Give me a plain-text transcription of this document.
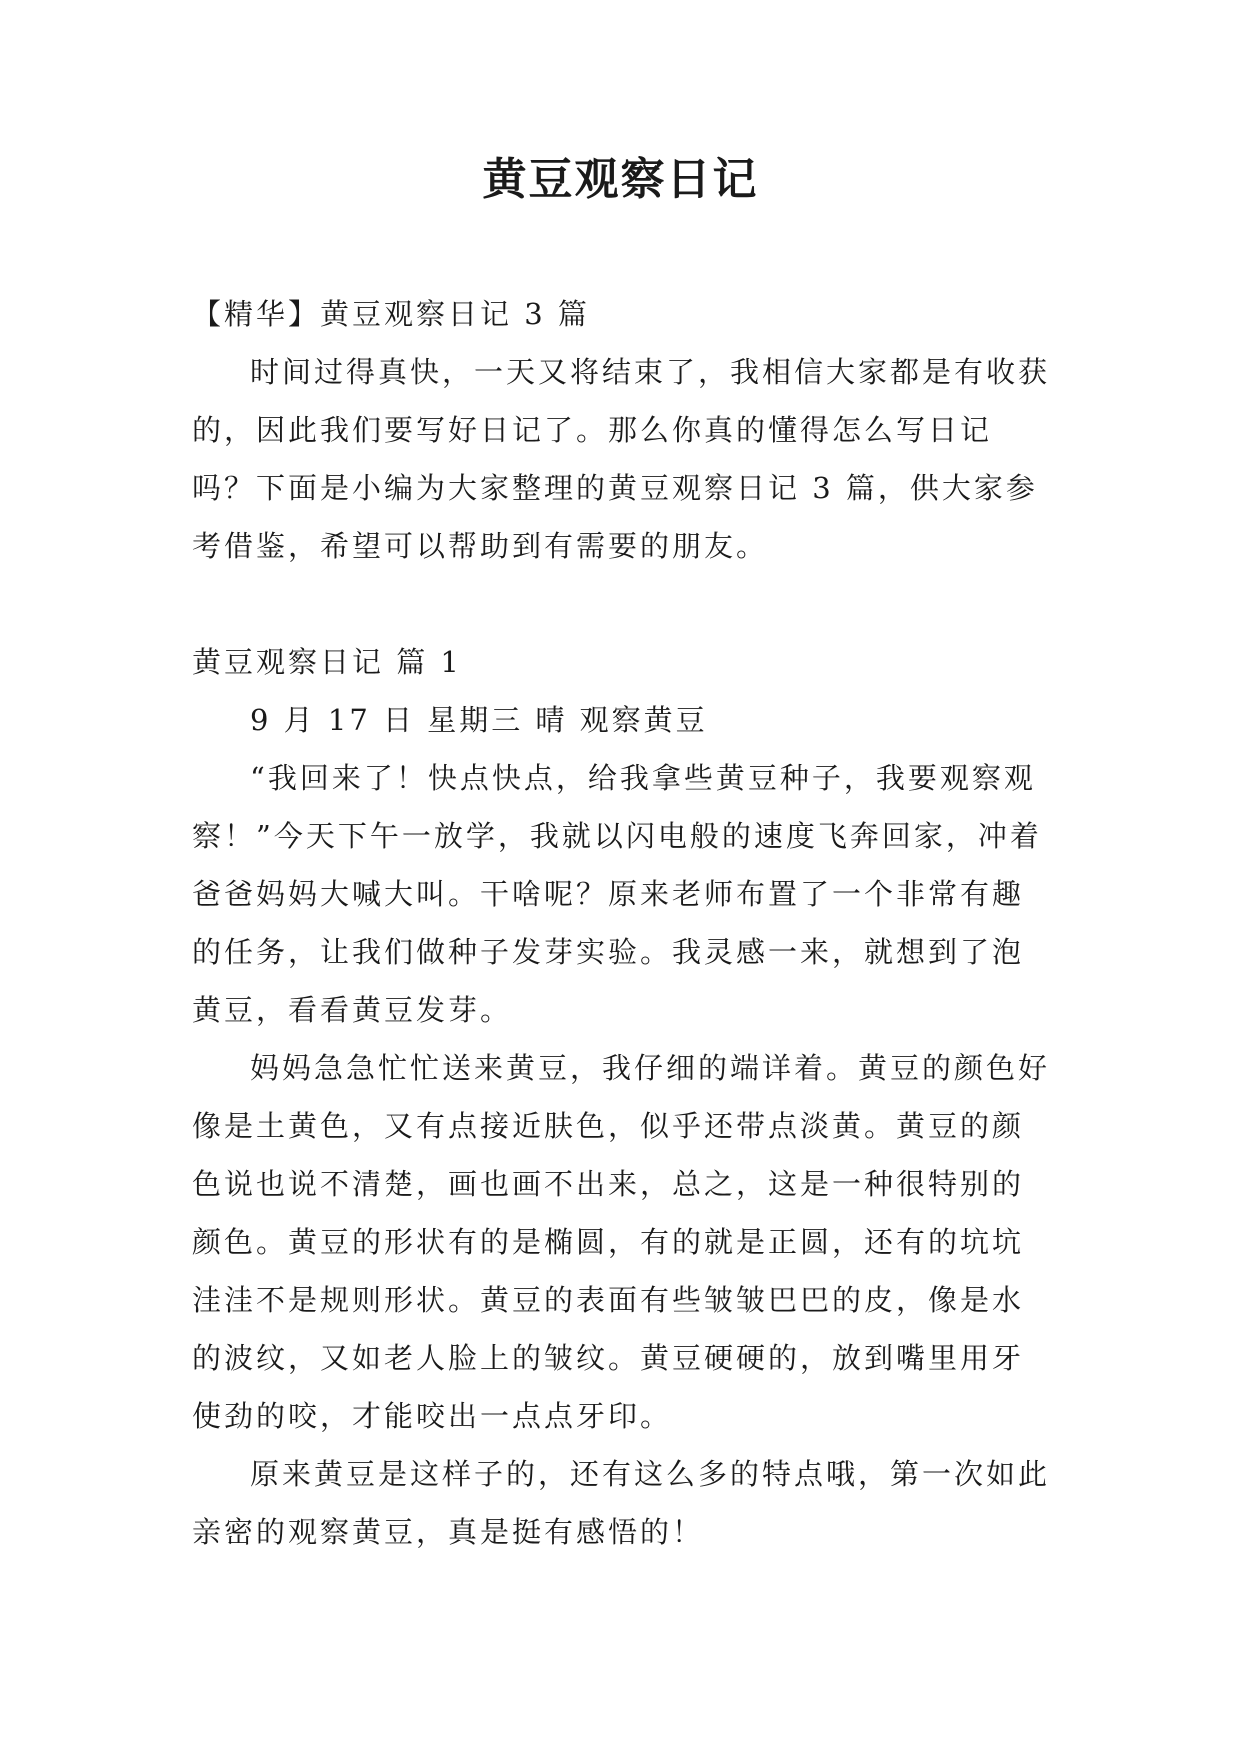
黄豆观察日记

【精华】黄豆观察日记 3 篇

时间过得真快，一天又将结束了，我相信大家都是有收获的，因此我们要写好日记了。那么你真的懂得怎么写日记吗？下面是小编为大家整理的黄豆观察日记 3 篇，供大家参考借鉴，希望可以帮助到有需要的朋友。

黄豆观察日记 篇 1

9 月 17 日 星期三 晴 观察黄豆

“我回来了！快点快点，给我拿些黄豆种子，我要观察观察！”今天下午一放学，我就以闪电般的速度飞奔回家，冲着爸爸妈妈大喊大叫。干啥呢？原来老师布置了一个非常有趣的任务，让我们做种子发芽实验。我灵感一来，就想到了泡黄豆，看看黄豆发芽。

妈妈急急忙忙送来黄豆，我仔细的端详着。黄豆的颜色好像是土黄色，又有点接近肤色，似乎还带点淡黄。黄豆的颜色说也说不清楚，画也画不出来，总之，这是一种很特别的颜色。黄豆的形状有的是椭圆，有的就是正圆，还有的坑坑洼洼不是规则形状。黄豆的表面有些皱皱巴巴的皮，像是水的波纹，又如老人脸上的皱纹。黄豆硬硬的，放到嘴里用牙使劲的咬，才能咬出一点点牙印。

原来黄豆是这样子的，还有这么多的特点哦，第一次如此亲密的观察黄豆，真是挺有感悟的！
